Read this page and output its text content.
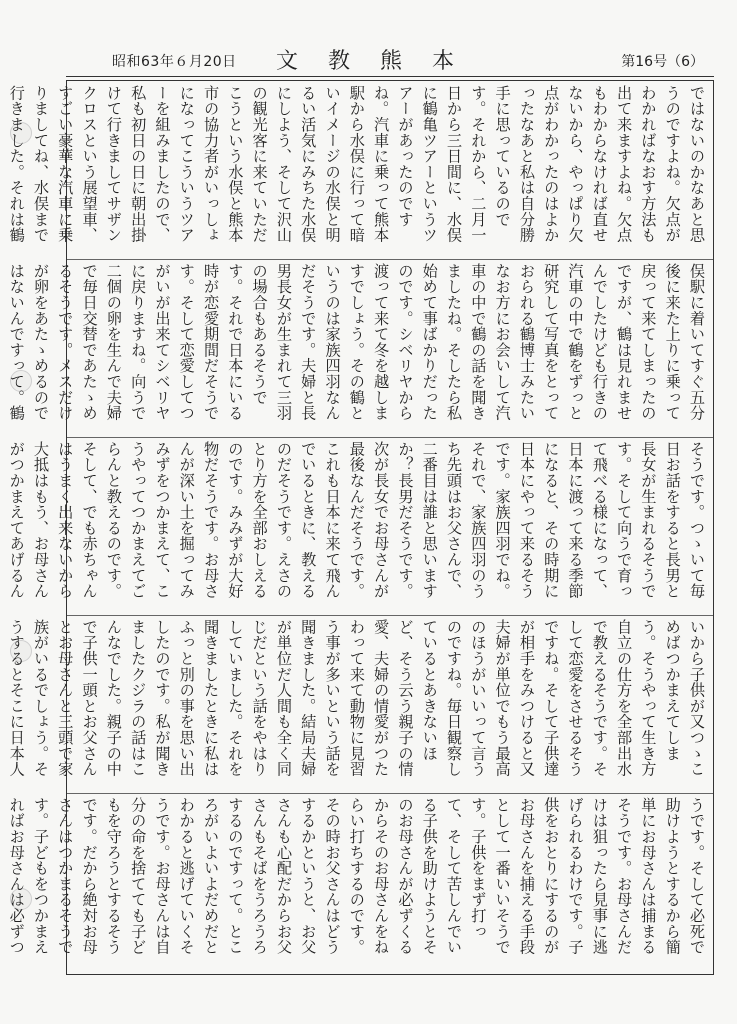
昭和63年６月20日 文教熊本	第16号（6）

ではないのかなあと思うのですよね。欠点がわかればなおす方法も出て来ますよね。欠点もわからなければ直せないから、やっぱり欠点がわかったのはよかったなあと私は自分勝手に思っているのです。それから、二月一日から三日間に、水俣に鶴亀ツアーというツアーがあったのですね。汽車に乗って熊本駅から水俣に行って暗いイメージの水俣と明るい活気にみちた水俣にしよう、そして沢山の観光客に来ていただこうという水俣と熊本市の協力者がいっしょになってこういうツアーを組みましたので、私も初日の日に朝出掛けて行きましてサザンクロスという展望車、すごい豪華な汽車に乗りましてね、水俣まで行きました。それは鶴

俣駅に着いてすぐ五分後に来た上りに乗って戻って来てしまったのですが、鶴は見れませんでしたけども行きの汽車の中で鶴をずっと研究して写真をとっておられる鶴博士みたいなお方にお会いして汽車の中で鶴の話を聞きましたね。そしたら私始めて事ばかりだったのです。シベリヤから渡って来て冬を越しますでしょう。その鶴というのは家族四羽なんだそうです。夫婦と長男長女が生まれて三羽の場合もあるそうです。それで日本にいる時が恋愛期間だそうです。そして恋愛してつがいが出来てシベリヤに戻りますね。向うで二個の卵を生んで夫婦で毎日交替であたゝめるそうです。メスだけが卵をあたゝめるのではないんですって。鶴

そうです。つゝいて毎日お話をすると長男と長女が生まれるそうです。そして向うで育って飛べる様になって、日本に渡って来る季節になると、その時期に日本にやって来るそうです。家族四羽でね。それで、家族四羽のうち先頭はお父さんで、二番目は誰と思いますか？長男だそうです。次が長女でお母さんが最後なんだそうです。これも日本に来て飛んでいるときに、教えるのだそうです。えさのとり方を全部おしえるのです。みみずが大好物だそうです。お母さんが深い土を掘ってみみずをつかまえて、こうやってつかまえてごらんと教えるのです。そして、でも赤ちゃんはうまく出来ないから大抵はもう、お母さんがつかまえてあげるん

いから子供が又つゝこめばつかまえてしまう。そうやって生き方自立の仕方を全部出水で教えるそうです。そして恋愛をさせるそうですね。そして子供達が相手をみつけると又夫婦が単位でもう最高のほうがいいって言うのですね。毎日観察しているとあきないほど、そう云う親子の情愛、夫婦の情愛がつたわって来て動物に見習う事が多いという話を聞きました。結局夫婦が単位だ人間も全く同じだという話をやはりしていました。それを聞きましたときに私はふっと別の事を思い出したのです。私が聞きましたクジラの話はこんなでした。親子の中で子供一頭とお父さんとお母さんと三頭で家族がいるでしょう。そうするとそこに日本人

うです。そして必死で助けようとするから簡単にお母さんは捕まるそうです。お母さんだけは狙ったら見事に逃げられるわけです。子供をおとりにするのがお母さんを捕える手段として一番いいそうです。子供をまず打って、そして苦しんでいる子供を助けようとそのお母さんが必ずくるからそのお母さんをねらい打ちするのです。その時お父さんはどうするかというと、お父さんも心配だからお父さんもそばをうろうろするのですって。ところがいよいよだめだとわかると逃げていくそうです。お母さんは自分の命を捨てても子どもを守ろうとするそうです。だから絶対お母さんはつかまるそうです。子どもをつかまえればお母さんは必ずつ
